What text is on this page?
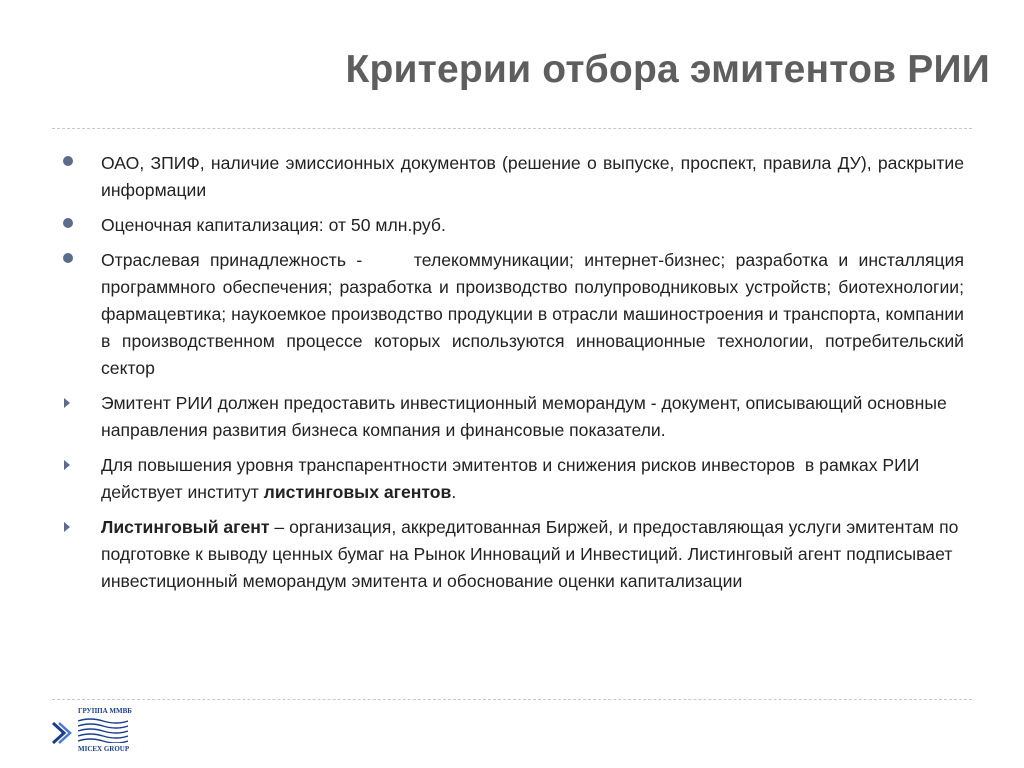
Критерии отбора эмитентов РИИ
ОАО, ЗПИФ, наличие эмиссионных документов (решение о выпуске, проспект, правила ДУ), раскрытие информации
Оценочная капитализация: от 50 млн.руб.
Отраслевая принадлежность -     телекоммуникации; интернет-бизнес; разработка и инсталляция программного обеспечения; разработка и производство полупроводниковых устройств; биотехнологии; фармацевтика; наукоемкое производство продукции в отрасли машиностроения и транспорта, компании в производственном процессе которых используются инновационные технологии, потребительский сектор
Эмитент РИИ должен предоставить инвестиционный меморандум - документ, описывающий основные направления развития бизнеса компания и финансовые показатели.
Для повышения уровня транспарентности эмитентов и снижения рисков инвесторов  в рамках РИИ действует институт листинговых агентов.
Листинговый агент – организация, аккредитованная Биржей, и предоставляющая услуги эмитентам по подготовке к выводу ценных бумаг на Рынок Инноваций и Инвестиций. Листинговый агент подписывает инвестиционный меморандум эмитента и обоснование оценки капитализации
ГРУППА ММВБ
MICEX GROUP
